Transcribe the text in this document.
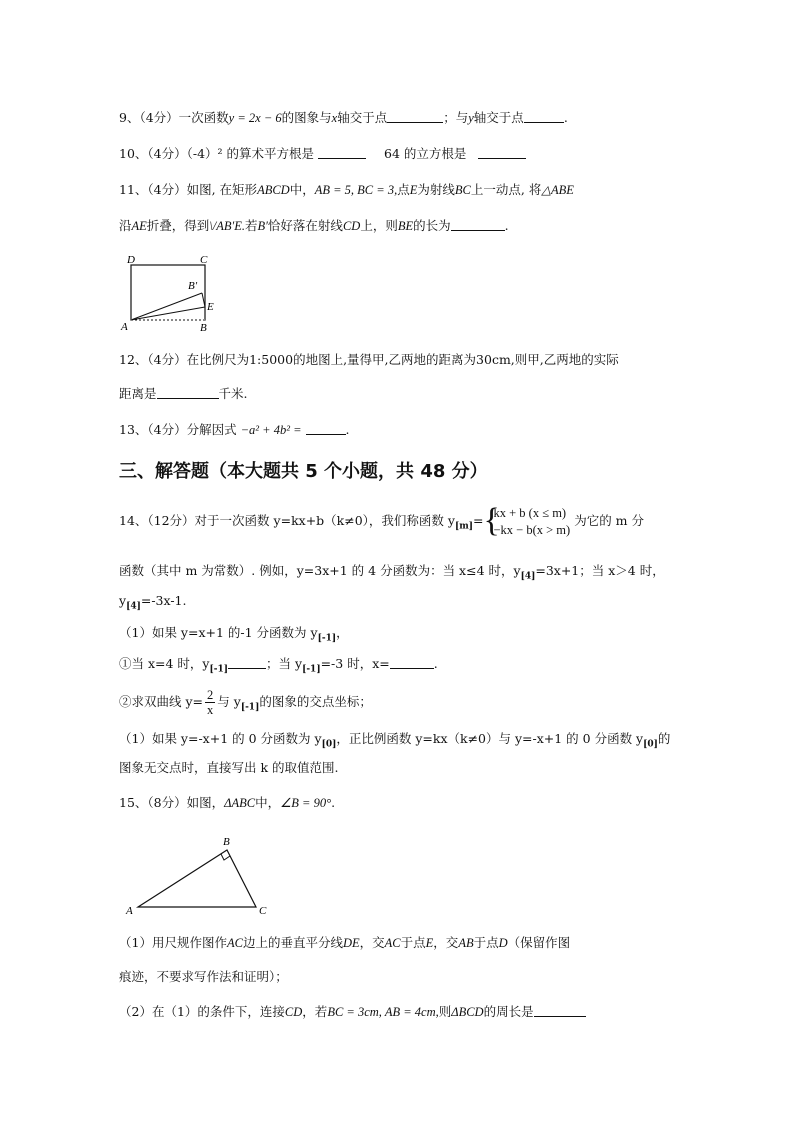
9、（4分）一次函数y = 2x − 6的图象与x轴交于点	；与y轴交于点	.
10、（4分）（-4）² 的算术平方根是	64 的立方根是
11、（4分）如图, 在矩形ABCD中，AB = 5, BC = 3,点E为射线BC上一动点, 将△ABE
沿AE折叠，得到\/AB′E.若B′恰好落在射线CD上，则BE的长为	.
D	C
B′
E
A	B
12、（4分）在比例尺为1:5000的地图上,量得甲,乙两地的距离为30cm,则甲,乙两地的实际
距离是	千米.
13、（4分）分解因式 −a² + 4b² =	.
三、解答题（本大题共 5 个小题，共 48 分）
14、（12分）对于一次函数 y=kx+b（k≠0），我们称函数 $y_{[m]}=$ {
kx + b (x ≤ m)
−kx − b(x > m)
为它的 m 分
函数（其中 m 为常数）. 例如，y=3x+1 的 4 分函数为：当 x≤4 时，$y_{[4]}=3x+1$；当 x＞4 时，
$y_{[4]}=-3x-1$.
（1）如果 y=x+1 的-1 分函数为 $y_{[-1]}$，
①当 x=4 时，$y_{[-1]}$	；当 $y_{[-1]}=-3$ 时，x=	.
②求双曲线 $y= \frac{2}{x}$ 与 $y_{[-1]}$的图象的交点坐标；
（1）如果 y=-x+1 的 0 分函数为 $y_{[0]}$，正比例函数 y=kx（k≠0）与 y=-x+1 的 0 分函数 $y_{[0]}$的
图象无交点时，直接写出 k 的取值范围.
15、（8分）如图，ΔABC中，∠B = 90°.
B
A	C
（1）用尺规作图作AC边上的垂直平分线DE，交AC于点E，交AB于点D（保留作图
痕迹，不要求写作法和证明）；
（2）在（1）的条件下，连接CD，若BC = 3cm, AB = 4cm,则ΔBCD的周长是
